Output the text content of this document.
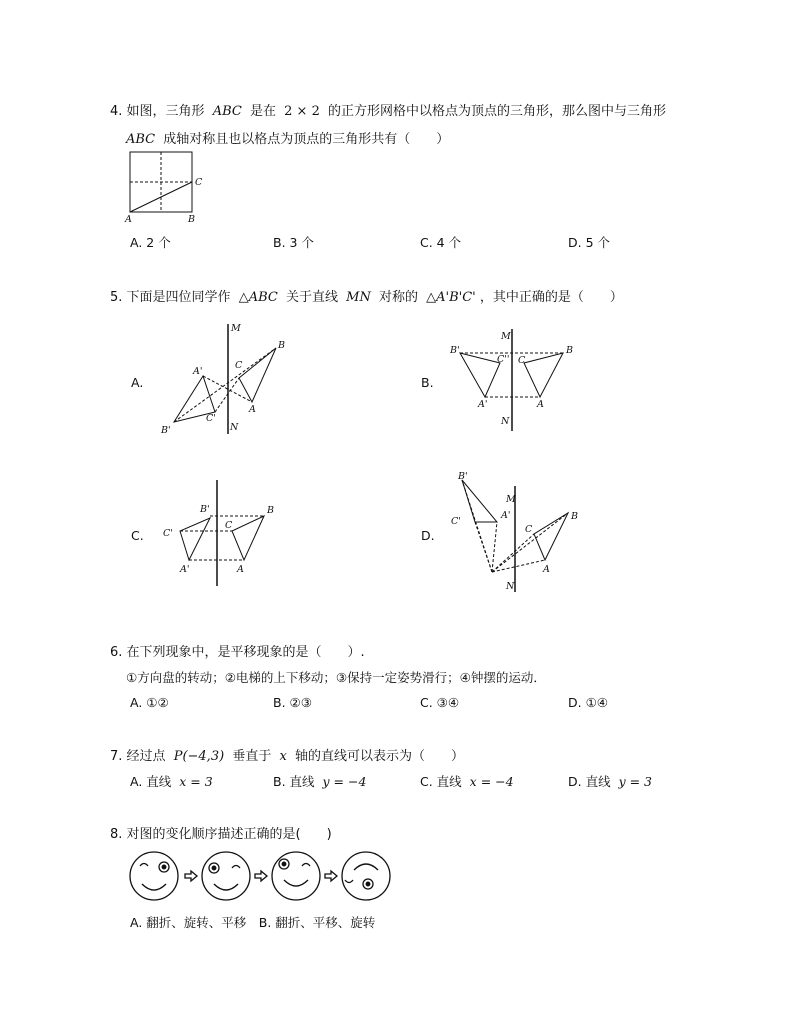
4. 如图，三角形 ABC 是在 2 × 2 的正方形网格中以格点为顶点的三角形，那么图中与三角形
ABC 成轴对称且也以格点为顶点的三角形共有（　　）
A	B
C
A. 2 个	B. 3 个	C. 4 个	D. 5 个
5. 下面是四位同学作 △ABC 关于直线 MN 对称的 △A'B'C' ，其中正确的是（　　）
A.
M
N
A
B
C
A'
B'
C'
B.
M
N
A
B
C
A'
B'
C''
C.
A
B
C
A'
B'
C'	D.
M
N
A
B
C
A'
B'
C'
6. 在下列现象中，是平移现象的是（　　）.
①方向盘的转动；②电梯的上下移动；③保持一定姿势滑行；④钟摆的运动．
A. ①②	B. ②③	C. ③④	D. ①④
7. 经过点 P(−4,3) 垂直于 x 轴的直线可以表示为（　　）
A. 直线 x = 3	B. 直线 y = −4	C. 直线 x = −4	D. 直线 y = 3
8. 对图的变化顺序描述正确的是(　　)
A. 翻折、旋转、平移　B. 翻折、平移、旋转
